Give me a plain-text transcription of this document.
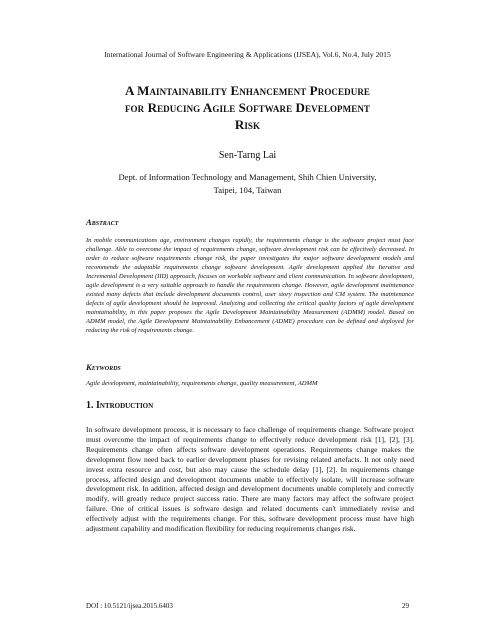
International Journal of Software Engineering & Applications (IJSEA), Vol.6, No.4, July 2015
A Maintainability Enhancement Procedure
for Reducing Agile Software Development
Risk
Sen-Tarng Lai
Dept. of Information Technology and Management, Shih Chien University,
Taipei, 104, Taiwan
Abstract
In mobile communications age, environment changes rapidly, the requirements change is the software project must face challenge. Able to overcome the impact of requirements change, software development risk can be effectively decreased. In order to reduce software requirements change risk, the paper investigates the major software development models and recommends the adaptable requirements change software development. Agile development applied the Iterative and Incremental Development (IID) approach, focuses on workable software and client communication. In software development, agile development is a very suitable approach to handle the requirements change. However, agile development maintenance existed many defects that include development documents control, user story inspection and CM system. The maintenance defects of agile development should be improved. Analyzing and collecting the critical quality factors of agile development maintainability, in this paper proposes the Agile Development Maintainability Measurement (ADMM) model. Based on ADMM model, the Agile Development Maintainability Enhancement (ADME) procedure can be defined and deployed for reducing the risk of requirements change.
Keywords
Agile development, maintainability, requirements change, quality measurement, ADMM
1. Introduction
In software development process, it is necessary to face challenge of requirements change. Software project must overcome the impact of requirements change to effectively reduce development risk [1], [2], [3]. Requirements change often affects software development operations. Requirements change makes the development flow need back to earlier development phases for revising related artefacts. It not only need invest extra resource and cost, but also may cause the schedule delay [1], [2]. In requirements change process, affected design and development documents unable to effectively isolate, will increase software development risk. In addition, affected design and development documents unable completely and correctly modify, will greatly reduce project success ratio. There are many factors may affect the software project failure. One of critical issues is software design and related documents can't immediately revise and effectively adjust with the requirements change. For this, software development process must have high adjustment capability and modification flexibility for reducing requirements changes risk.
DOI : 10.5121/ijsea.2015.6403	29
